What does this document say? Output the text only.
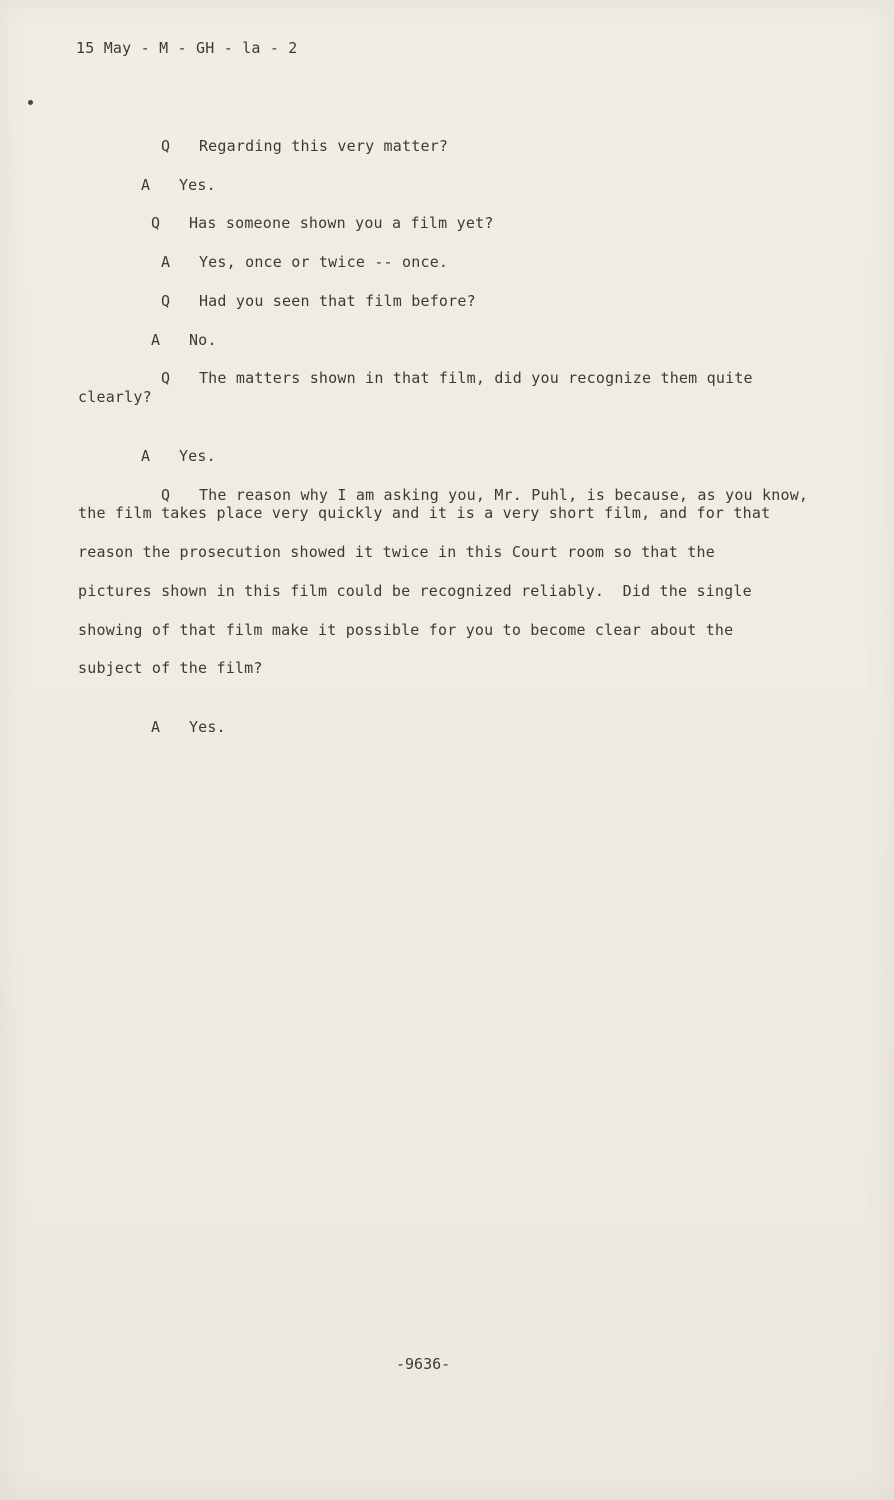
15 May - M - GH - la - 2

Q Regarding this very matter?

A Yes.

Q Has someone shown you a film yet?

A Yes, once or twice -- once.

Q Had you seen that film before?

A No.

Q The matters shown in that film, did you recognize them quite

clearly?

A Yes.

Q The reason why I am asking you, Mr. Puhl, is because, as you know,

the film takes place very quickly and it is a very short film, and for that
reason the prosecution showed it twice in this Court room so that the
pictures shown in this film could be recognized reliably.  Did the single
showing of that film make it possible for you to become clear about the
subject of the film?

A Yes.

-9636-
